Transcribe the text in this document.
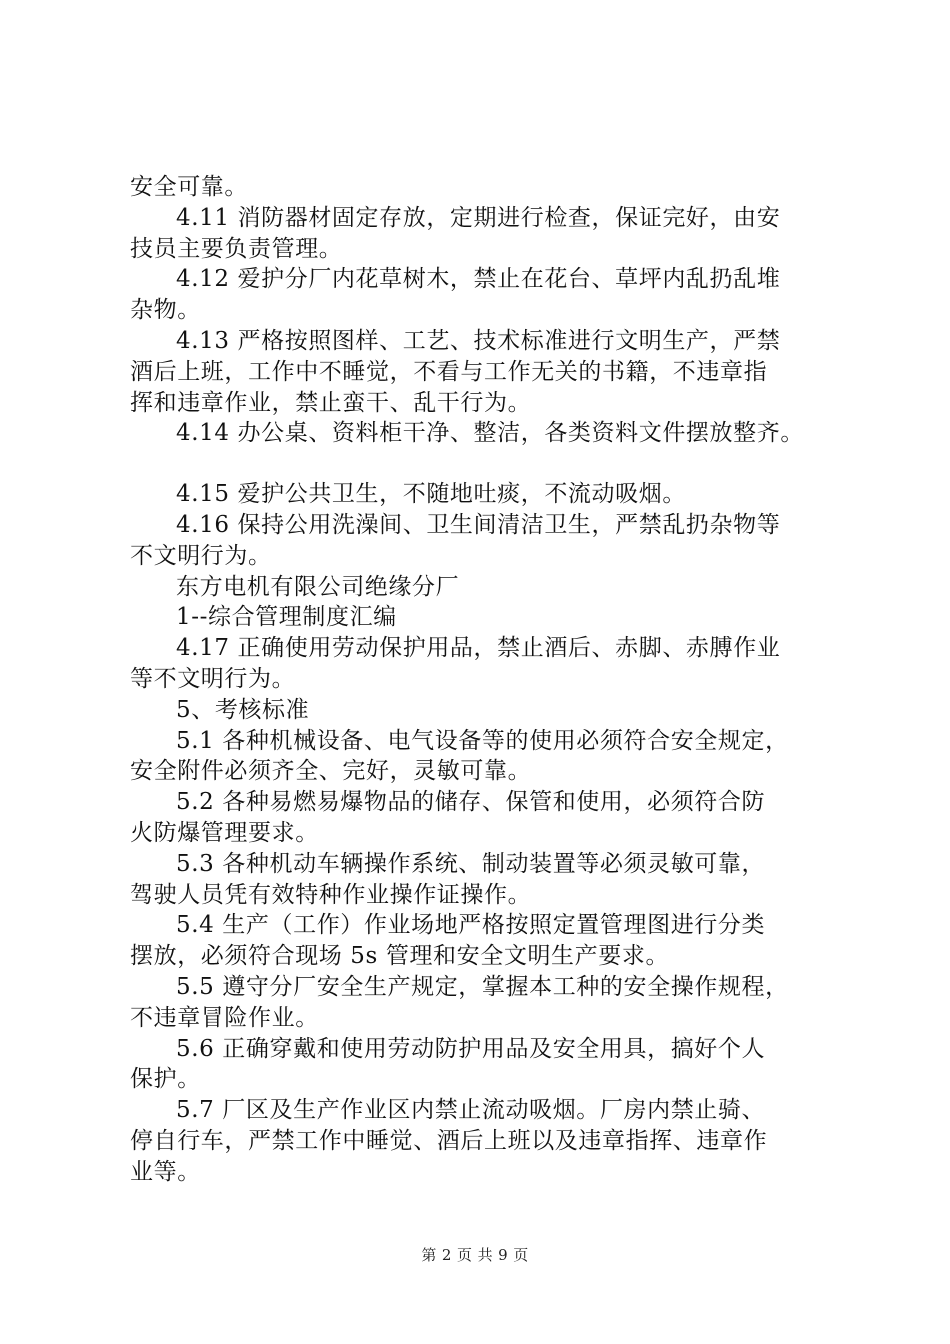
安全可靠。
4.11 消防器材固定存放，定期进行检查，保证完好，由安
技员主要负责管理。
4.12 爱护分厂内花草树木，禁止在花台、草坪内乱扔乱堆
杂物。
4.13 严格按照图样、工艺、技术标准进行文明生产，严禁
酒后上班，工作中不睡觉，不看与工作无关的书籍，不违章指
挥和违章作业，禁止蛮干、乱干行为。
4.14 办公桌、资料柜干净、整洁，各类资料文件摆放整齐。
4.15 爱护公共卫生，不随地吐痰，不流动吸烟。
4.16 保持公用洗澡间、卫生间清洁卫生，严禁乱扔杂物等
不文明行为。
东方电机有限公司绝缘分厂
1--综合管理制度汇编
4.17 正确使用劳动保护用品，禁止酒后、赤脚、赤膊作业
等不文明行为。
5、考核标准
5.1 各种机械设备、电气设备等的使用必须符合安全规定，
安全附件必须齐全、完好，灵敏可靠。
5.2 各种易燃易爆物品的储存、保管和使用，必须符合防
火防爆管理要求。
5.3 各种机动车辆操作系统、制动装置等必须灵敏可靠，
驾驶人员凭有效特种作业操作证操作。
5.4 生产（工作）作业场地严格按照定置管理图进行分类
摆放，必须符合现场 5s 管理和安全文明生产要求。
5.5 遵守分厂安全生产规定，掌握本工种的安全操作规程，
不违章冒险作业。
5.6 正确穿戴和使用劳动防护用品及安全用具，搞好个人
保护。
5.7 厂区及生产作业区内禁止流动吸烟。厂房内禁止骑、
停自行车，严禁工作中睡觉、酒后上班以及违章指挥、违章作
业等。
第 2 页 共 9 页
